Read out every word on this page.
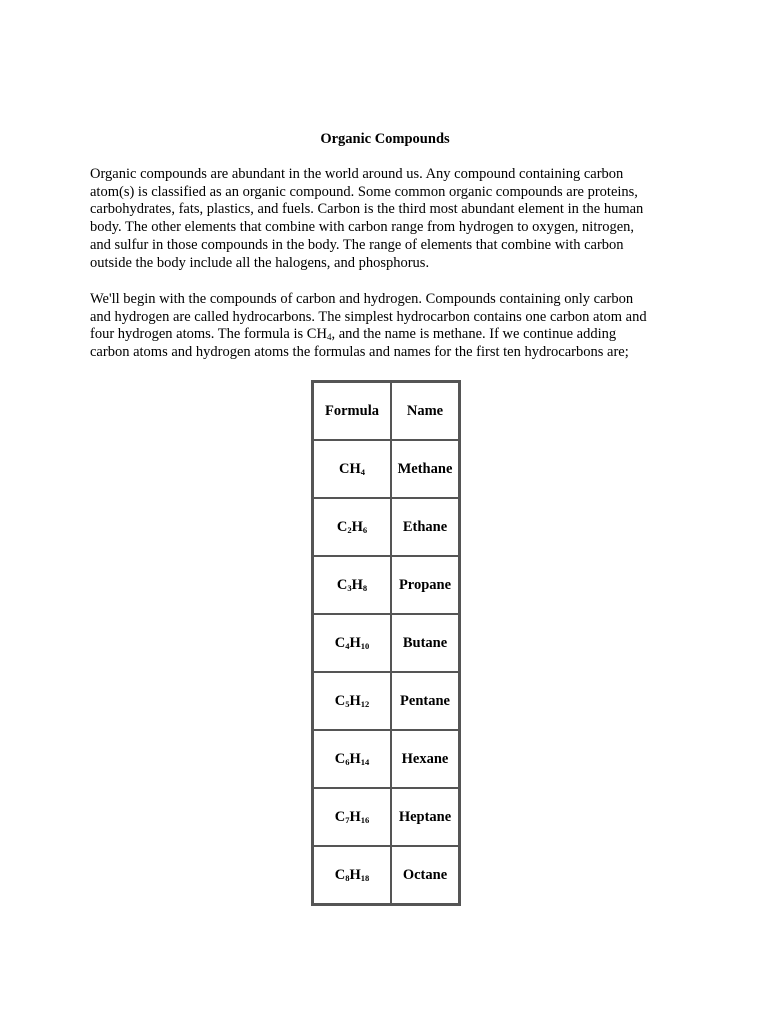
Organic Compounds
Organic compounds are abundant in the world around us. Any compound containing carbon
atom(s) is classified as an organic compound. Some common organic compounds are proteins,
carbohydrates, fats, plastics, and fuels. Carbon is the third most abundant element in the human
body. The other elements that combine with carbon range from hydrogen to oxygen, nitrogen,
and sulfur in those compounds in the body. The range of elements that combine with carbon
outside the body include all the halogens, and phosphorus.
We'll begin with the compounds of carbon and hydrogen. Compounds containing only carbon
and hydrogen are called hydrocarbons. The simplest hydrocarbon contains one carbon atom and
four hydrogen atoms. The formula is $CH_4$, and the name is methane. If we continue adding
carbon atoms and hydrogen atoms the formulas and names for the first ten hydrocarbons are;
Formula	Name
$CH_4$	Methane
$C_2H_6$	Ethane
$C_3H_8$	Propane
$C_4H_{10}$	Butane
$C_5H_{12}$	Pentane
$C_6H_{14}$	Hexane
$C_7H_{16}$	Heptane
$C_8H_{18}$	Octane
